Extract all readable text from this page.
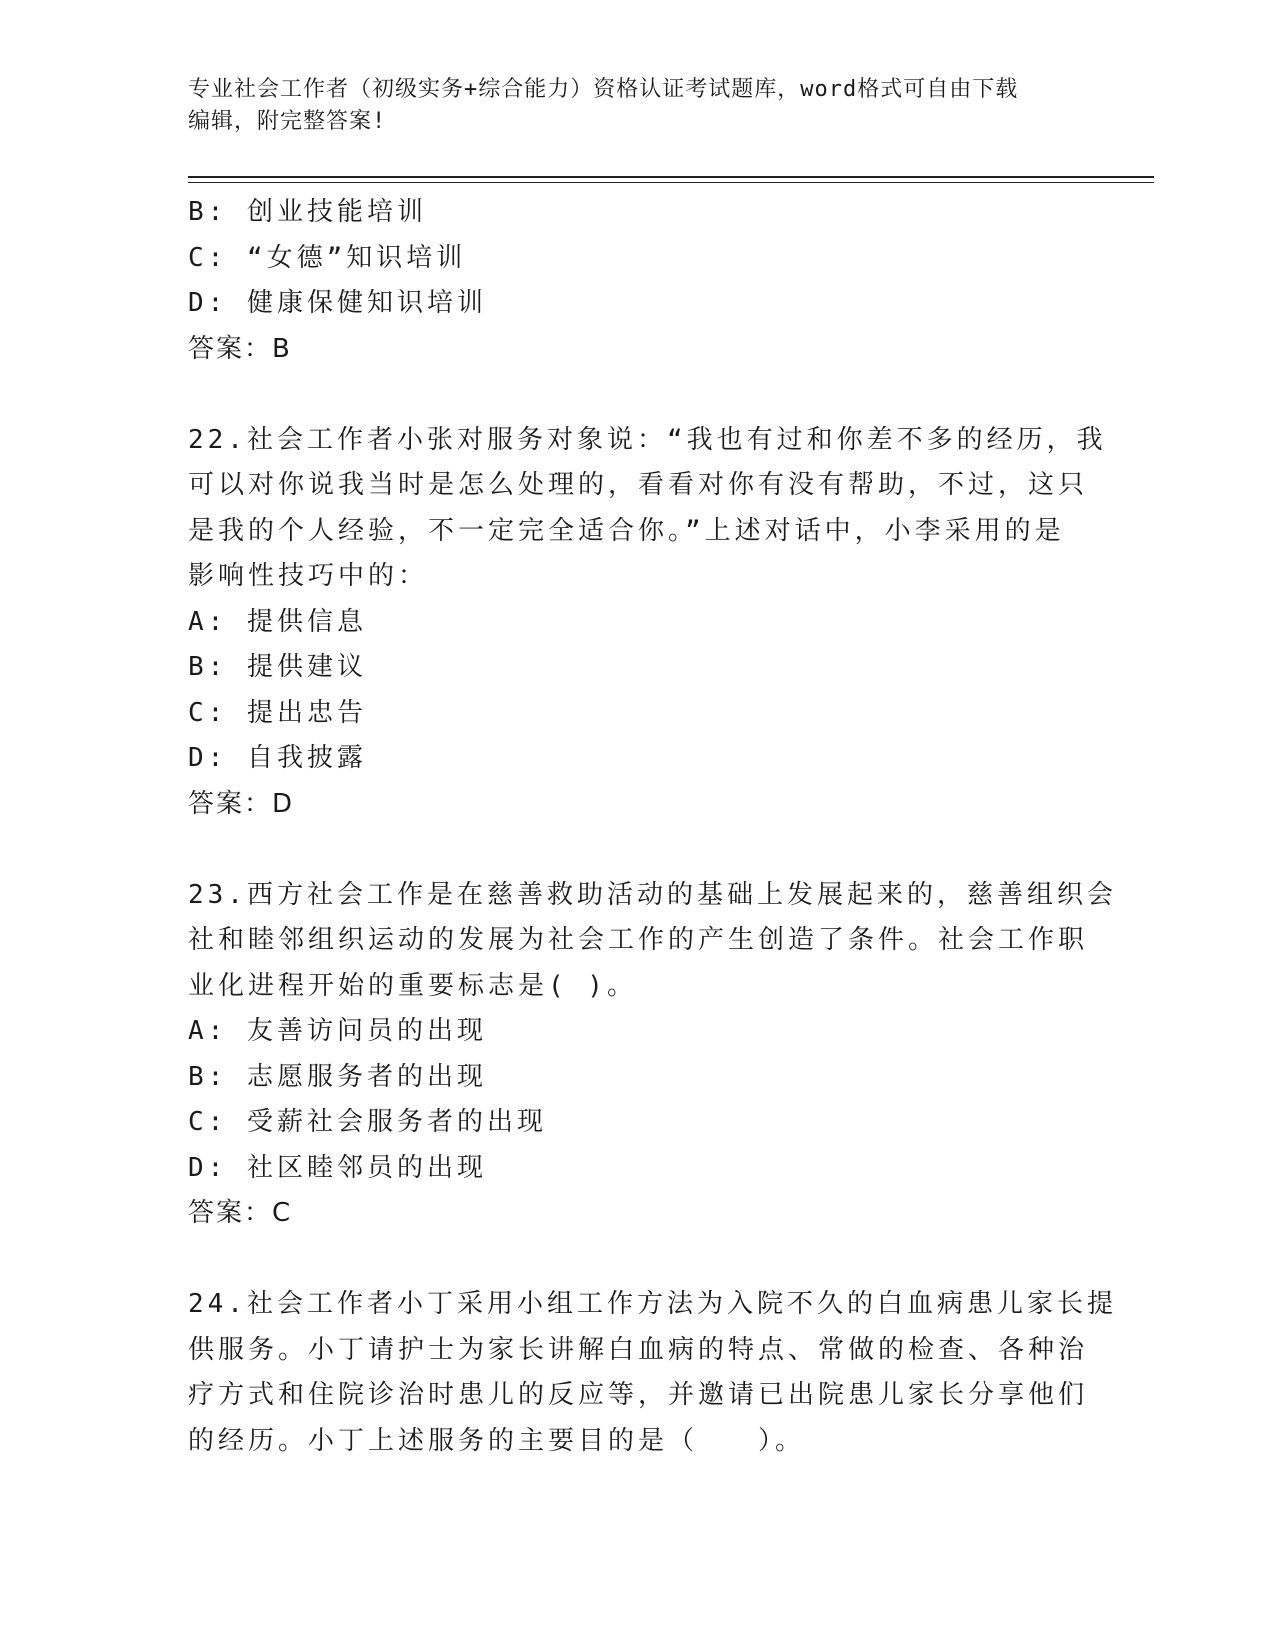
专业社会工作者（初级实务+综合能力）资格认证考试题库，word格式可自由下载
编辑，附完整答案!
B: 创业技能培训
C: “女德”知识培训
D: 健康保健知识培训
答案：B
22.社会工作者小张对服务对象说：“我也有过和你差不多的经历，我
可以对你说我当时是怎么处理的，看看对你有没有帮助，不过，这只
是我的个人经验，不一定完全适合你。”上述对话中，小李采用的是
影响性技巧中的：
A: 提供信息
B: 提供建议
C: 提出忠告
D: 自我披露
答案：D
23.西方社会工作是在慈善救助活动的基础上发展起来的，慈善组织会
社和睦邻组织运动的发展为社会工作的产生创造了条件。社会工作职
业化进程开始的重要标志是( )。
A: 友善访问员的出现
B: 志愿服务者的出现
C: 受薪社会服务者的出现
D: 社区睦邻员的出现
答案：C
24.社会工作者小丁采用小组工作方法为入院不久的白血病患儿家长提
供服务。小丁请护士为家长讲解白血病的特点、常做的检查、各种治
疗方式和住院诊治时患儿的反应等，并邀请已出院患儿家长分享他们
的经历。小丁上述服务的主要目的是（　　）。
